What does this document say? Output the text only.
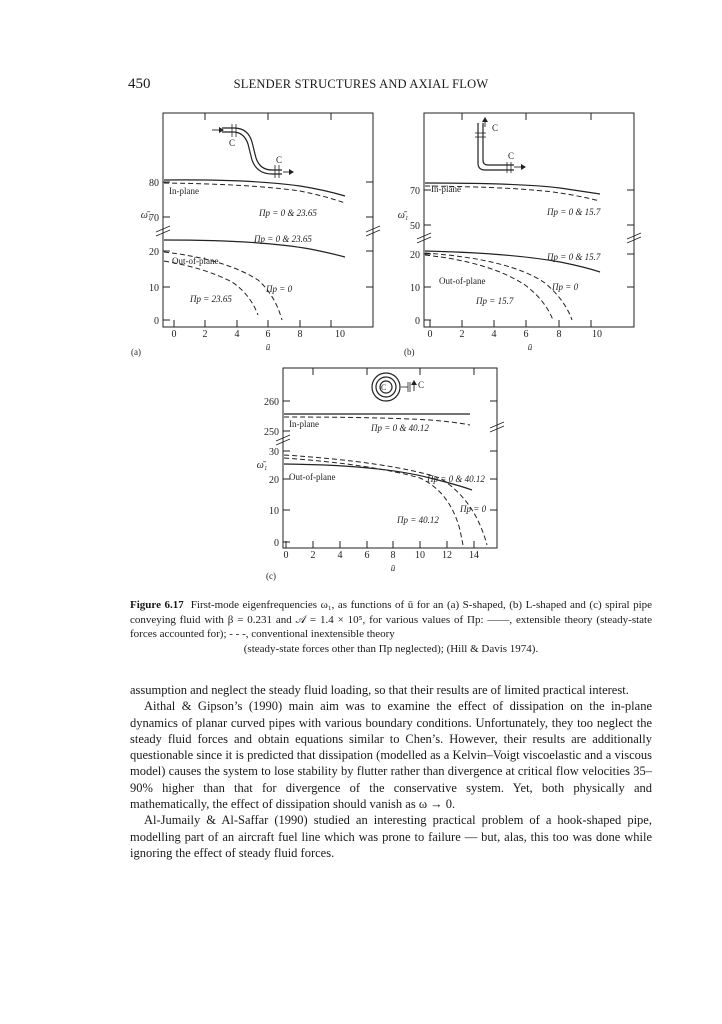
450	SLENDER STRUCTURES AND AXIAL FLOW
0
10
20
70
80
0	2	4	6	8	10
ū
ω̄₁
(a)
C
C
In-plane
Out-of-plane
Πp = 0 & 23.65
Πp = 0 & 23.65
Πp = 0
Πp = 23.65
0
10
20
50
70
0	2	4	6	8	10
ū
ω̄₁
(b)
C
C
In-plane
Out-of-plane
Πp = 0 & 15.7
Πp = 0 & 15.7
Πp = 0
Πp = 15.7
0
10
20
30
250
260
0 2 4 6 8 10 12 14
ū
ω̄₁
(c)
C	C
In-plane
Out-of-plane
Πp = 0 & 40.12
Πp = 0 & 40.12
Πp = 0
Πp = 40.12
Figure 6.17 First-mode eigenfrequencies ω₁, as functions of ū for an (a) S-shaped, (b) L-shaped and (c) spiral pipe conveying fluid with β = 0.231 and 𝒜 = 1.4 × 10⁵, for various values of Πp: ——, extensible theory (steady-state forces accounted for); - - -, conventional inextensible theory
(steady-state forces other than Πp neglected); (Hill & Davis 1974).

assumption and neglect the steady fluid loading, so that their results are of limited practical interest.

Aithal & Gipson’s (1990) main aim was to examine the effect of dissipation on the in-plane dynamics of planar curved pipes with various boundary conditions. Unfortunately, they too neglect the steady fluid forces and obtain equations similar to Chen’s. However, their results are additionally questionable since it is predicted that dissipation (modelled as a Kelvin–Voigt viscoelastic and a viscous model) causes the system to lose stability by flutter rather than divergence at critical flow velocities 35–90% higher than that for divergence of the conservative system. Yet, both physically and mathematically, the effect of dissipation should vanish as ω → 0.

Al-Jumaily & Al-Saffar (1990) studied an interesting practical problem of a hook-shaped pipe, modelling part of an aircraft fuel line which was prone to failure — but, alas, this too was done while ignoring the effect of steady fluid forces.
